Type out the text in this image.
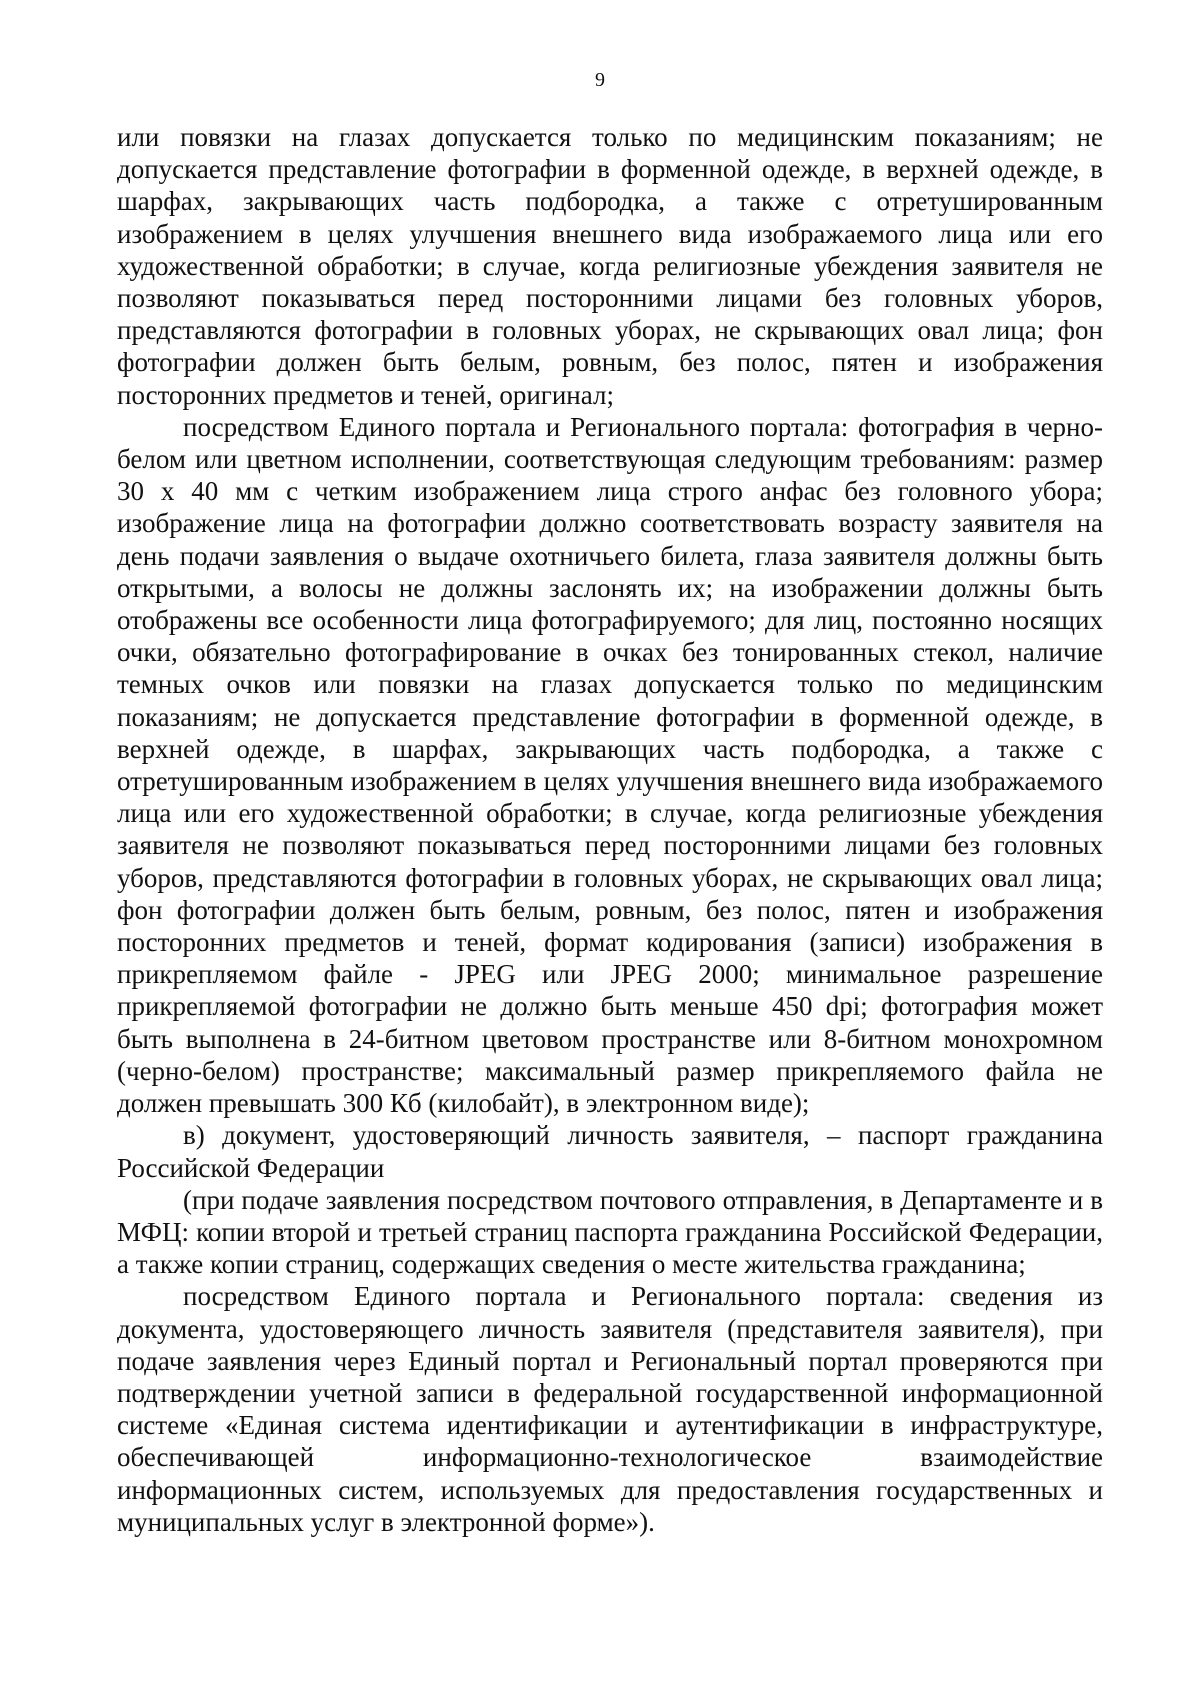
9

или повязки на глазах допускается только по медицинским показаниям; не допускается представление фотографии в форменной одежде, в верхней одежде, в шарфах, закрывающих часть подбородка, а также с отретушированным изображением в целях улучшения внешнего вида изображаемого лица или его художественной обработки; в случае, когда религиозные убеждения заявителя не позволяют показываться перед посторонними лицами без головных уборов, представляются фотографии в головных уборах, не скрывающих овал лица; фон фотографии должен быть белым, ровным, без полос, пятен и изображения посторонних предметов и теней, оригинал;

посредством Единого портала и Регионального портала: фотография в черно-белом или цветном исполнении, соответствующая следующим требованиям: размер 30 х 40 мм с четким изображением лица строго анфас без головного убора; изображение лица на фотографии должно соответствовать возрасту заявителя на день подачи заявления о выдаче охотничьего билета, глаза заявителя должны быть открытыми, а волосы не должны заслонять их; на изображении должны быть отображены все особенности лица фотографируемого; для лиц, постоянно носящих очки, обязательно фотографирование в очках без тонированных стекол, наличие темных очков или повязки на глазах допускается только по медицинским показаниям; не допускается представление фотографии в форменной одежде, в верхней одежде, в шарфах, закрывающих часть подбородка, а также с отретушированным изображением в целях улучшения внешнего вида изображаемого лица или его художественной обработки; в случае, когда религиозные убеждения заявителя не позволяют показываться перед посторонними лицами без головных уборов, представляются фотографии в головных уборах, не скрывающих овал лица; фон фотографии должен быть белым, ровным, без полос, пятен и изображения посторонних предметов и теней, формат кодирования (записи) изображения в прикрепляемом файле - JPEG или JPEG 2000; минимальное разрешение прикрепляемой фотографии не должно быть меньше 450 dpi; фотография может быть выполнена в 24-битном цветовом пространстве или 8-битном монохромном (черно-белом) пространстве; максимальный размер прикрепляемого файла не должен превышать 300 Кб (килобайт), в электронном виде);

в) документ, удостоверяющий личность заявителя, – паспорт гражданина Российской Федерации

(при подаче заявления посредством почтового отправления, в Департаменте и в МФЦ: копии второй и третьей страниц паспорта гражданина Российской Федерации, а также копии страниц, содержащих сведения о месте жительства гражданина;

посредством Единого портала и Регионального портала: сведения из документа, удостоверяющего личность заявителя (представителя заявителя), при подаче заявления через Единый портал и Региональный портал проверяются при подтверждении учетной записи в федеральной государственной информационной системе «Единая система идентификации и аутентификации в инфраструктуре, обеспечивающей информационно-технологическое взаимодействие информационных систем, используемых для предоставления государственных и муниципальных услуг в электронной форме»).
